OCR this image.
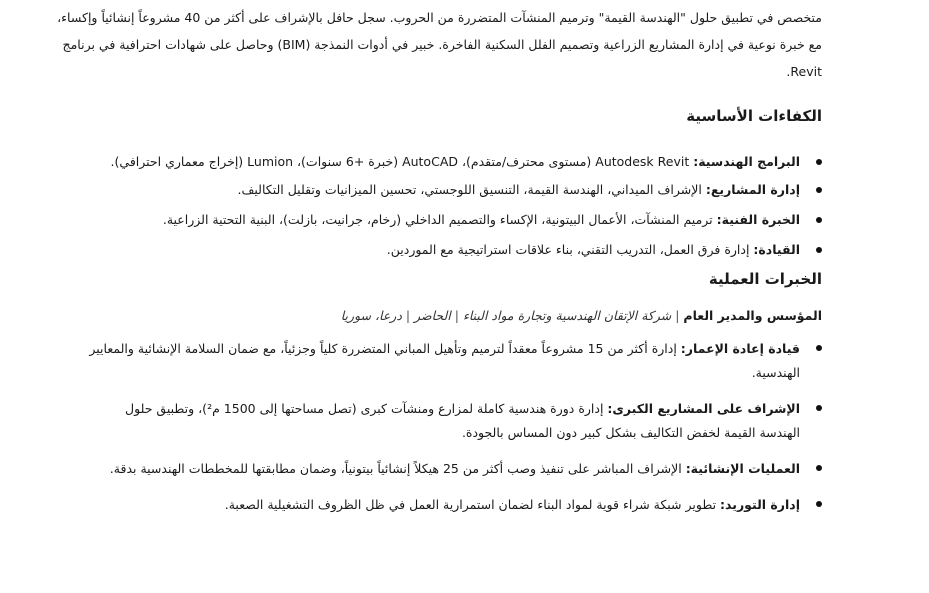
متخصص في تطبيق حلول "الهندسة القيمة" وترميم المنشآت المتضررة من الحروب. سجل حافل بالإشراف على أكثر من 40 مشروعاً إنشائياً وإكساء،
مع خبرة نوعية في إدارة المشاريع الزراعية وتصميم الفلل السكنية الفاخرة. خبير في أدوات النمذجة (BIM) وحاصل على شهادات احترافية في برنامج
Revit.
الكفاءات الأساسية
البرامج الهندسية: Autodesk Revit (مستوى محترف/متقدم)، AutoCAD (خبرة +6 سنوات)، Lumion (إخراج معماري احترافي).
إدارة المشاريع: الإشراف الميداني، الهندسة القيمة، التنسيق اللوجستي، تحسين الميزانيات وتقليل التكاليف.
الخبرة الفنية: ترميم المنشآت، الأعمال البيتونية، الإكساء والتصميم الداخلي (رخام، جرانيت، بازلت)، البنية التحتية الزراعية.
القيادة: إدارة فرق العمل، التدريب التقني، بناء علاقات استراتيجية مع الموردين.
الخبرات العملية
المؤسس والمدير العام | شركة الإتقان الهندسية وتجارة مواد البناء | الحاضر | درعا، سوريا
قيادة إعادة الإعمار: إدارة أكثر من 15 مشروعاً معقداً لترميم وتأهيل المباني المتضررة كلياً وجزئياً، مع ضمان السلامة الإنشائية والمعايير الهندسية.
الإشراف على المشاريع الكبرى: إدارة دورة هندسية كاملة لمزارع ومنشآت كبرى (تصل مساحتها إلى 1500 م²)، وتطبيق حلول الهندسة القيمة لخفض التكاليف بشكل كبير دون المساس بالجودة.
العمليات الإنشائية: الإشراف المباشر على تنفيذ وصب أكثر من 25 هيكلاً إنشائياً بيتونياً، وضمان مطابقتها للمخططات الهندسية بدقة.
إدارة التوريد: تطوير شبكة شراء قوية لمواد البناء لضمان استمرارية العمل في ظل الظروف التشغيلية الصعبة.
